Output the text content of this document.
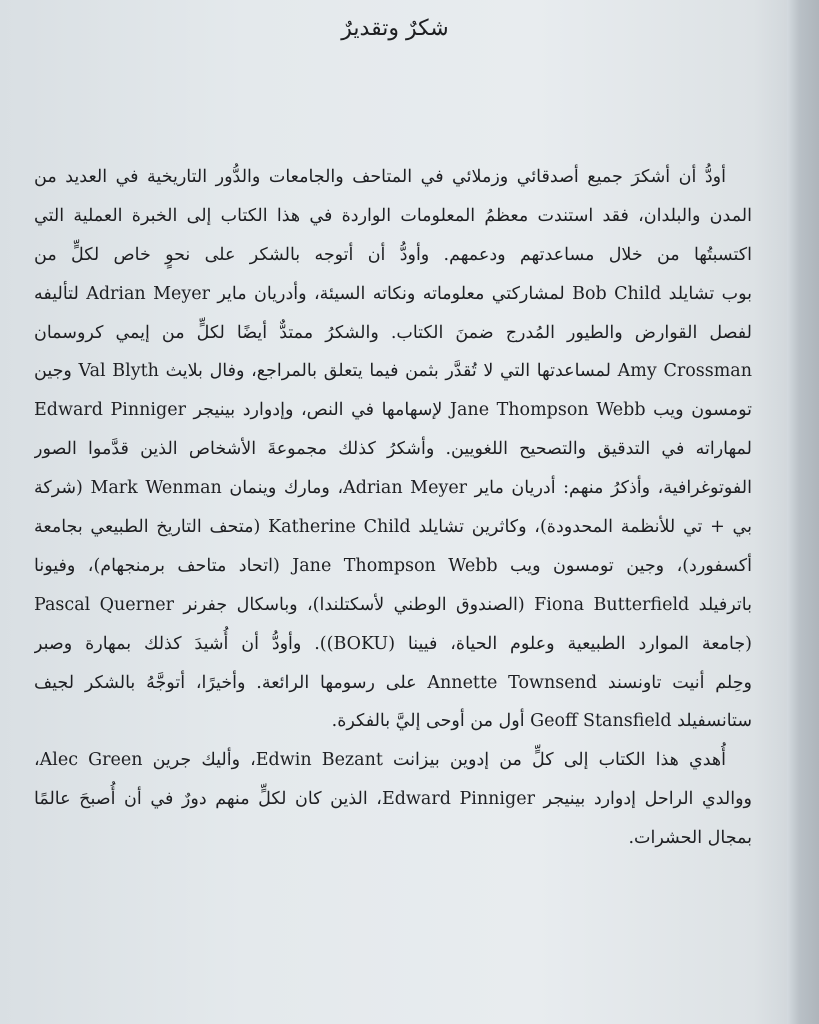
شكرٌ وتقديرٌ
أودُّ أن أشكرَ جميع أصدقائي وزملائي في المتاحف والجامعات والدُّور التاريخية في العديد من
المدن والبلدان، فقد استندت معظمُ المعلومات الواردة في هذا الكتاب إلى الخبرة العملية التي
اكتسبتُها من خلال مساعدتهم ودعمهم. وأودُّ أن أتوجه بالشكر على نحوٍ خاص لكلٍّ من
بوب تشايلد Bob Child لمشاركتي معلوماته ونكاته السيئة، وأدريان ماير Adrian Meyer لتأليفه
لفصل القوارض والطيور المُدرج ضمنَ الكتاب. والشكرُ ممتدٌّ أيضًا لكلٍّ من إيمي كروسمان
Amy Crossman لمساعدتها التي لا تُقدَّر بثمن فيما يتعلق بالمراجع، وفال بلايث Val Blyth وجين
تومسون ويب Jane Thompson Webb لإسهامها في النص، وإدوارد بينيجر Edward Pinniger
لمهاراته في التدقيق والتصحيح اللغويين. وأشكرُ كذلك مجموعةَ الأشخاص الذين قدَّموا الصور
الفوتوغرافية، وأذكرُ منهم: أدريان ماير Adrian Meyer، ومارك وينمان Mark Wenman (شركة
بي + تي للأنظمة المحدودة)، وكاثرين تشايلد Katherine Child (متحف التاريخ الطبيعي بجامعة
أكسفورد)، وجين تومسون ويب Jane Thompson Webb (اتحاد متاحف برمنجهام)، وفيونا
باترفيلد Fiona Butterfield (الصندوق الوطني لأسكتلندا)، وباسكال جفرنر Pascal Querner
(جامعة الموارد الطبيعية وعلوم الحياة، فيينا (BOKU)). وأودُّ أن أُشيدَ كذلك بمهارة وصبر
وحِلم أنيت تاونسند Annette Townsend على رسومها الرائعة. وأخيرًا، أتوجَّهُ بالشكر لجيف
ستانسفيلد Geoff Stansfield أول من أوحى إليَّ بالفكرة.
أُهدي هذا الكتاب إلى كلٍّ من إدوين بيزانت Edwin Bezant، وأليك جرين Alec Green،
ووالدي الراحل إدوارد بينيجر Edward Pinniger، الذين كان لكلٍّ منهم دورٌ في أن أُصبحَ عالمًا
بمجال الحشرات.
